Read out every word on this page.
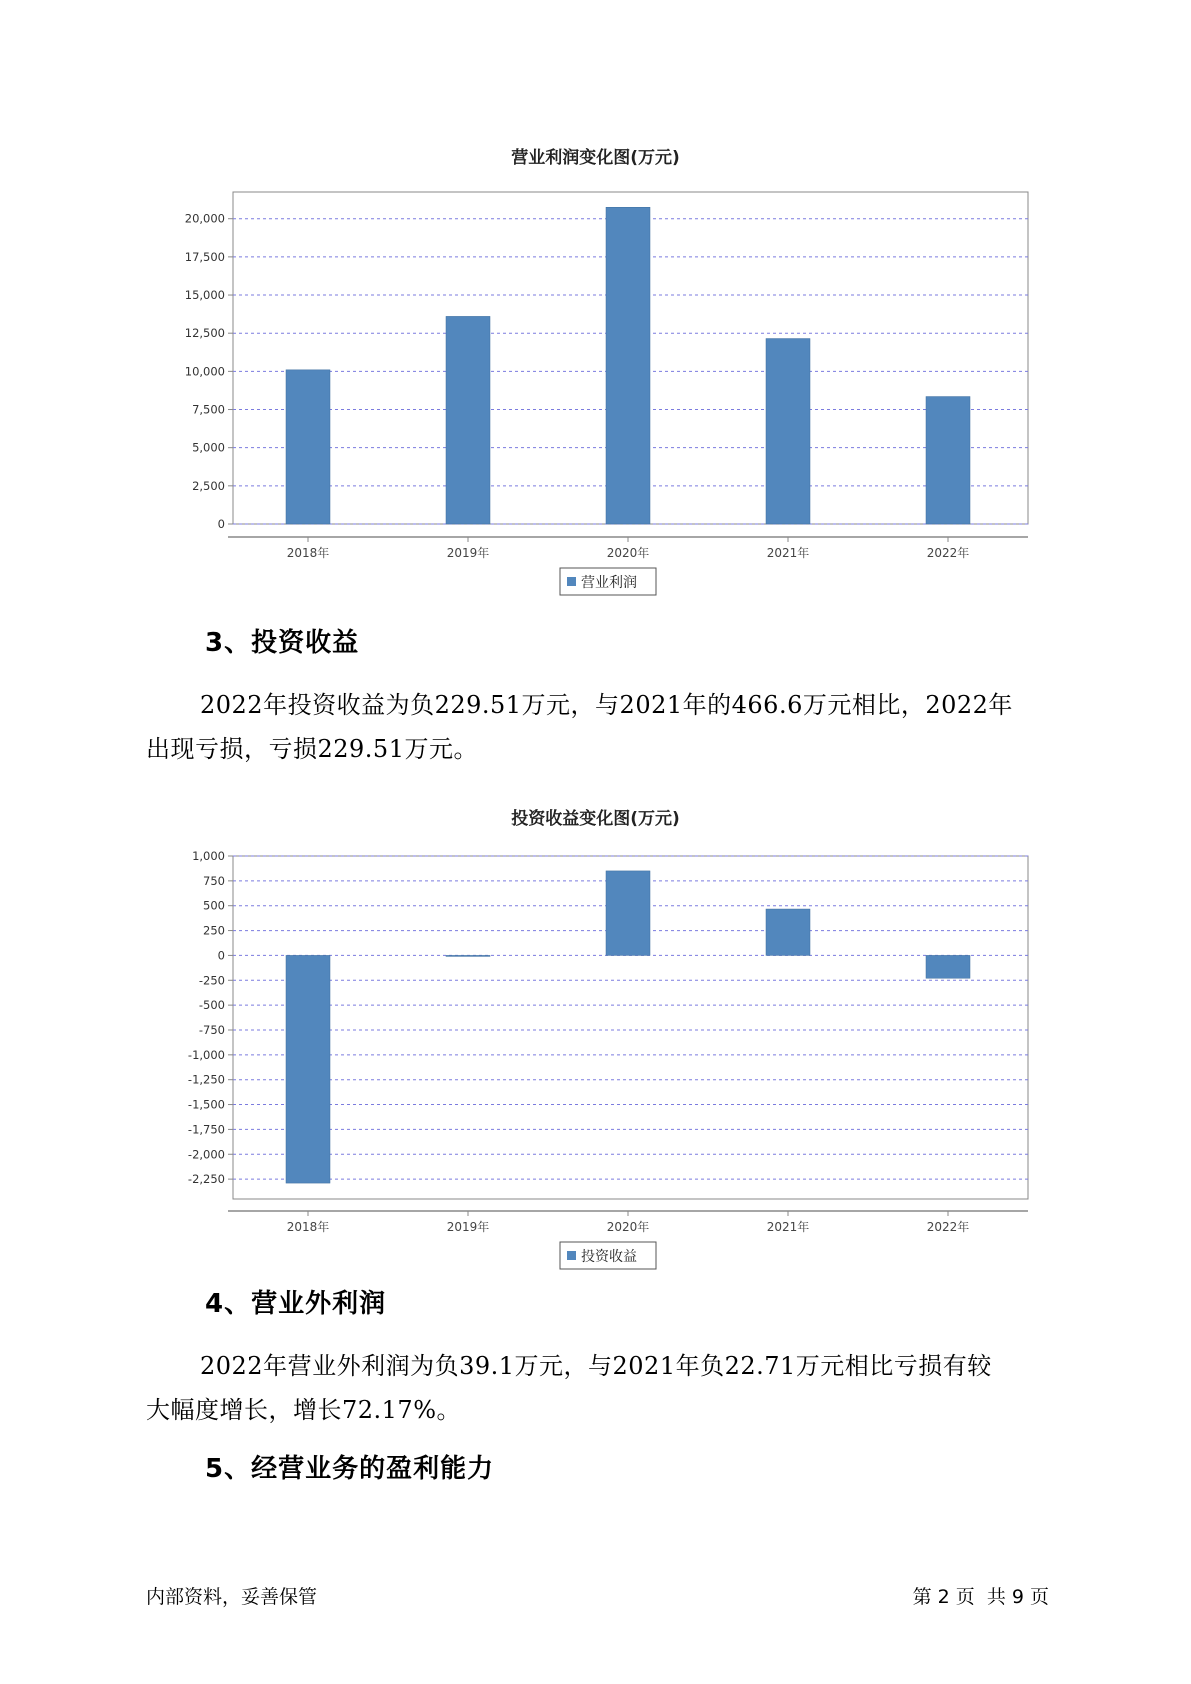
营业利润变化图(万元)
0
2,500
5,000
7,500
10,000
12,500
15,000
17,500
20,000
2018年	2019年	2020年	2021年	2022年
营业利润
3、投资收益
2022年投资收益为负229.51万元，与2021年的466.6万元相比，2022年
出现亏损，亏损229.51万元。
投资收益变化图(万元)
1,000
750
500
250
0
-250
-500
-750
-1,000
-1,250
-1,500
-1,750
-2,000
-2,250
2018年	2019年	2020年	2021年	2022年
投资收益
4、营业外利润
2022年营业外利润为负39.1万元，与2021年负22.71万元相比亏损有较
大幅度增长，增长72.17%。
5、经营业务的盈利能力
内部资料，妥善保管	第 2 页  共 9 页
